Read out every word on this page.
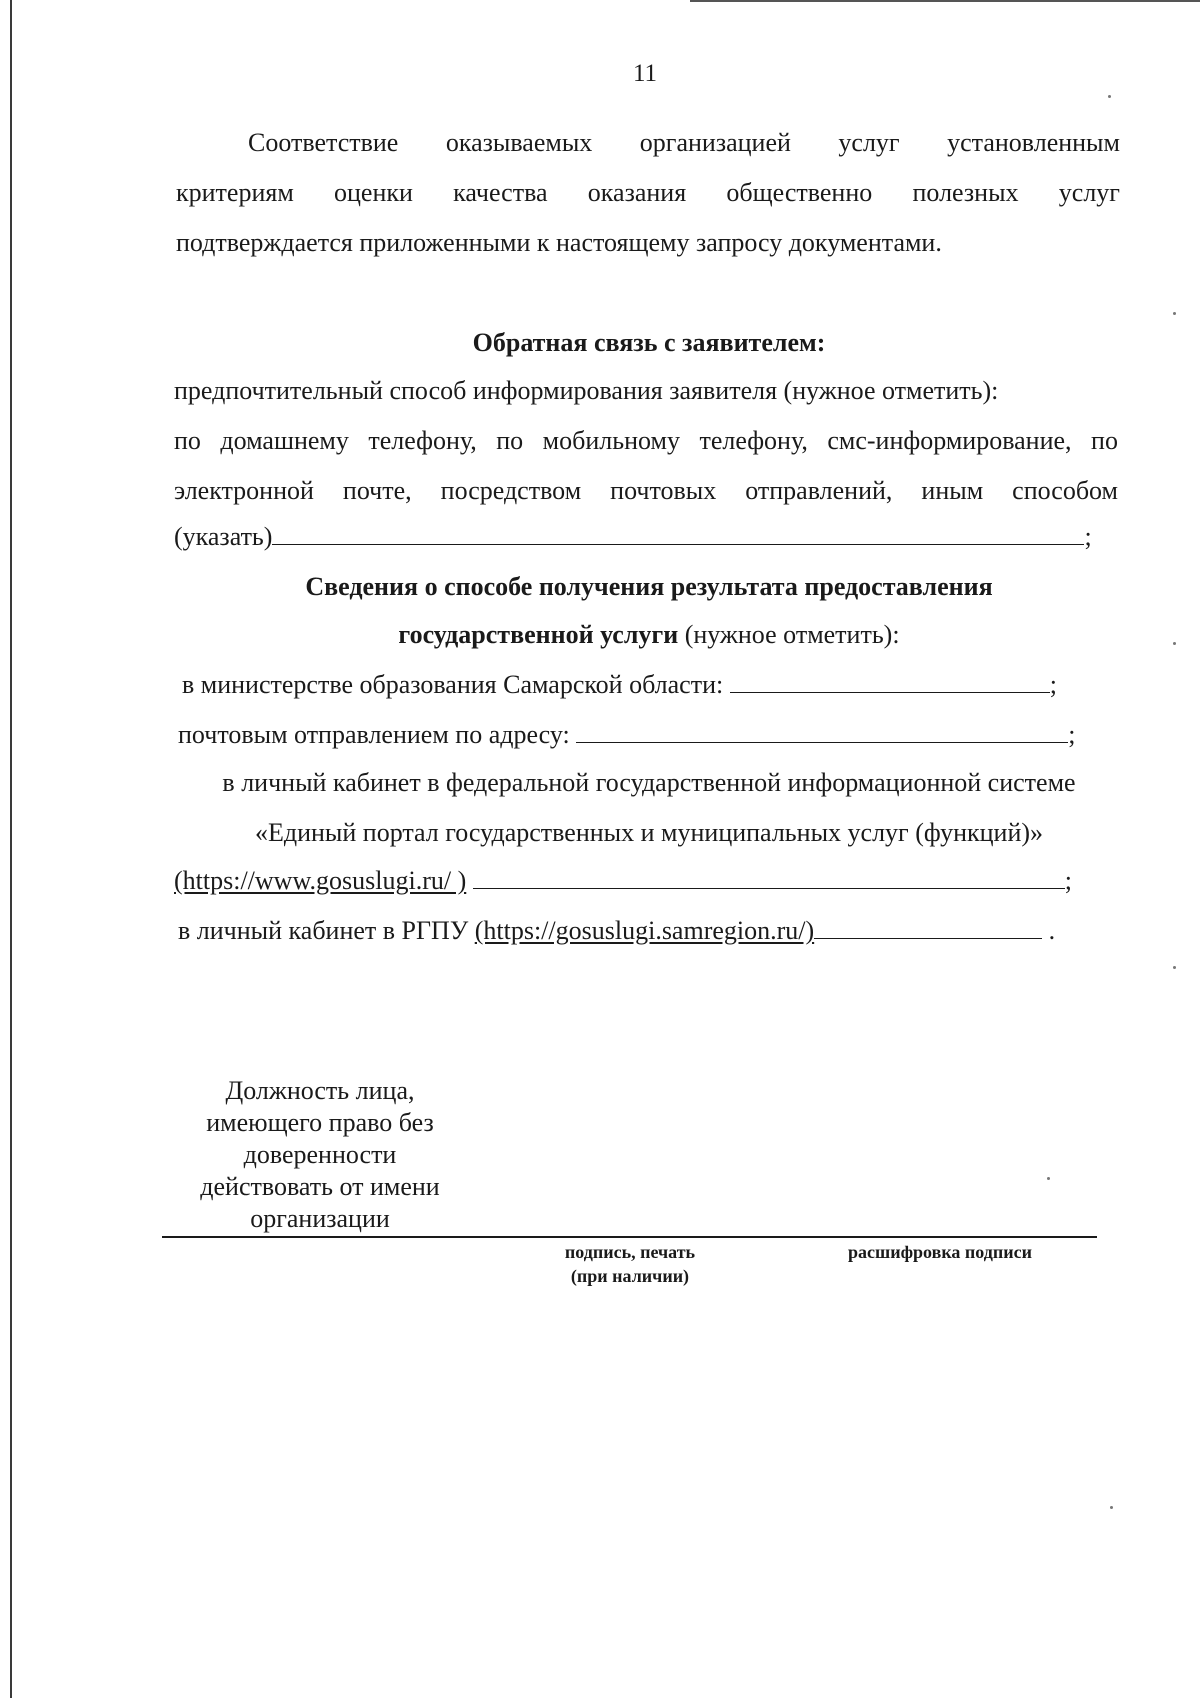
11
Соответствие оказываемых организацией услуг установленным
критериям оценки качества оказания общественно полезных услуг
подтверждается приложенными к настоящему запросу документами.
Обратная связь с заявителем:
предпочтительный способ информирования заявителя (нужное отметить):
по домашнему телефону, по мобильному телефону, смс-информирование, по
электронной почте, посредством почтовых отправлений, иным способом
(указать)	;
Сведения о способе получения результата предоставления
государственной услуги (нужное отметить):
в министерстве образования Самарской области:	;
почтовым отправлением по адресу:	;
в личный кабинет в федеральной государственной информационной системе
«Единый портал государственных и муниципальных услуг (функций)»
(https://www.gosuslugi.ru/ )	;
в личный кабинет в РГПУ (https://gosuslugi.samregion.ru/)	.
Должность лица,
имеющего право без
доверенности
действовать от имени
организации
подпись, печать
(при наличии)
расшифровка подписи
